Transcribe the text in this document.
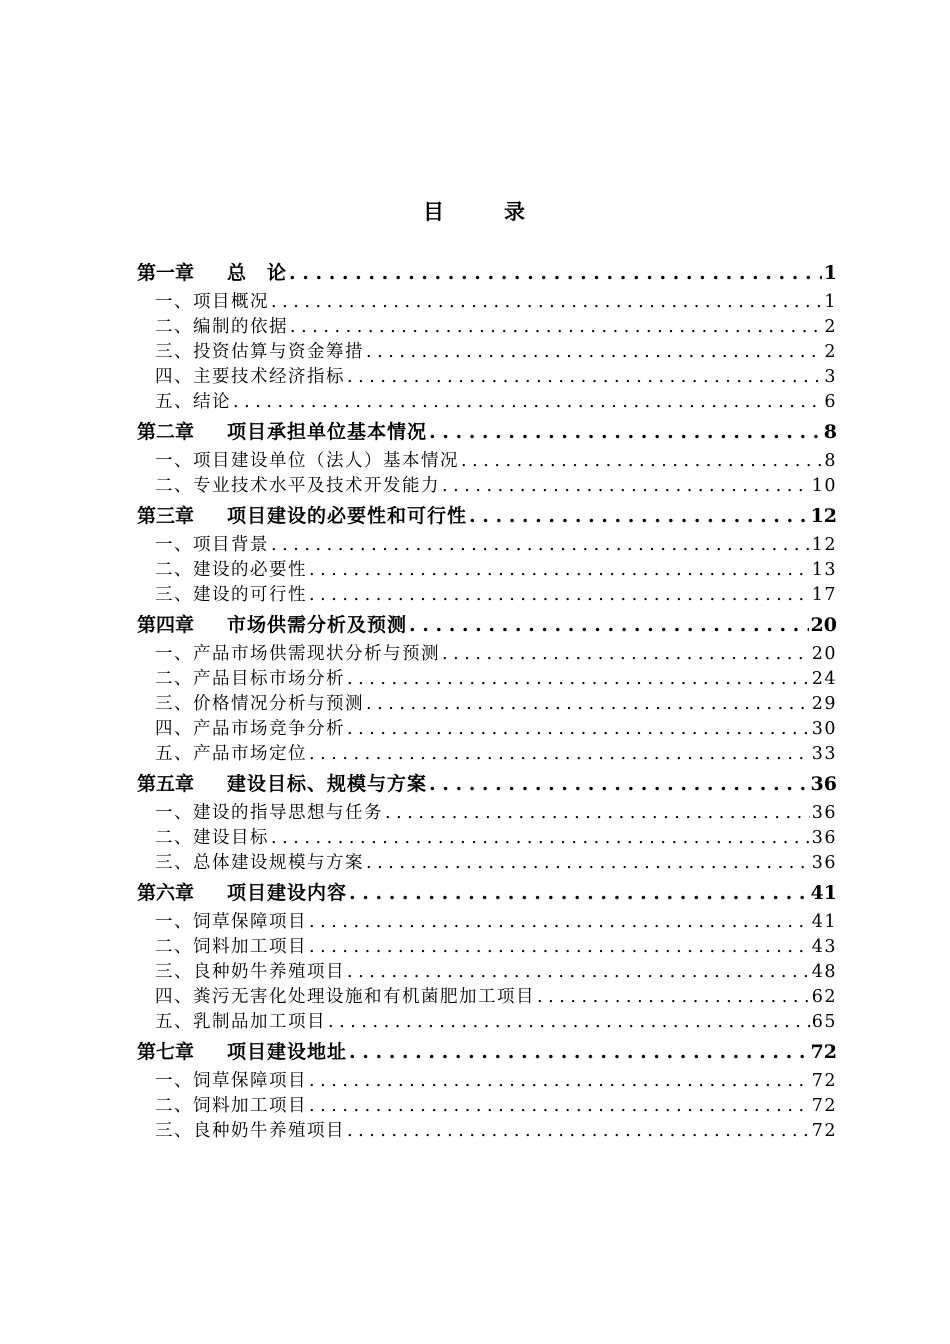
目	录
第一章 总　论 . . .	1
一、项目概况 . . .	1
二、编制的依据 . . .	2
三、投资估算与资金筹措 . . .	2
四、主要技术经济指标 . . .	3
五、结论 . . .	6
第二章 项目承担单位基本情况 . . .	8
一、项目建设单位（法人）基本情况 . . .	8
二、专业技术水平及技术开发能力 . . .	10
第三章 项目建设的必要性和可行性 . . .	12
一、项目背景 . . .	12
二、建设的必要性 . . .	13
三、建设的可行性 . . .	17
第四章 市场供需分析及预测 . . .	20
一、产品市场供需现状分析与预测 . . .	20
二、产品目标市场分析 . . .	24
三、价格情况分析与预测 . . .	29
四、产品市场竞争分析 . . .	30
五、产品市场定位 . . .	33
第五章 建设目标、规模与方案 . . .	36
一、建设的指导思想与任务 . . .	36
二、建设目标 . . .	36
三、总体建设规模与方案 . . .	36
第六章 项目建设内容 . . .	41
一、饲草保障项目 . . .	41
二、饲料加工项目 . . .	43
三、良种奶牛养殖项目 . . .	48
四、粪污无害化处理设施和有机菌肥加工项目 . . .	62
五、乳制品加工项目 . . .	65
第七章 项目建设地址 . . .	72
一、饲草保障项目 . . .	72
二、饲料加工项目 . . .	72
三、良种奶牛养殖项目 . . .	72
